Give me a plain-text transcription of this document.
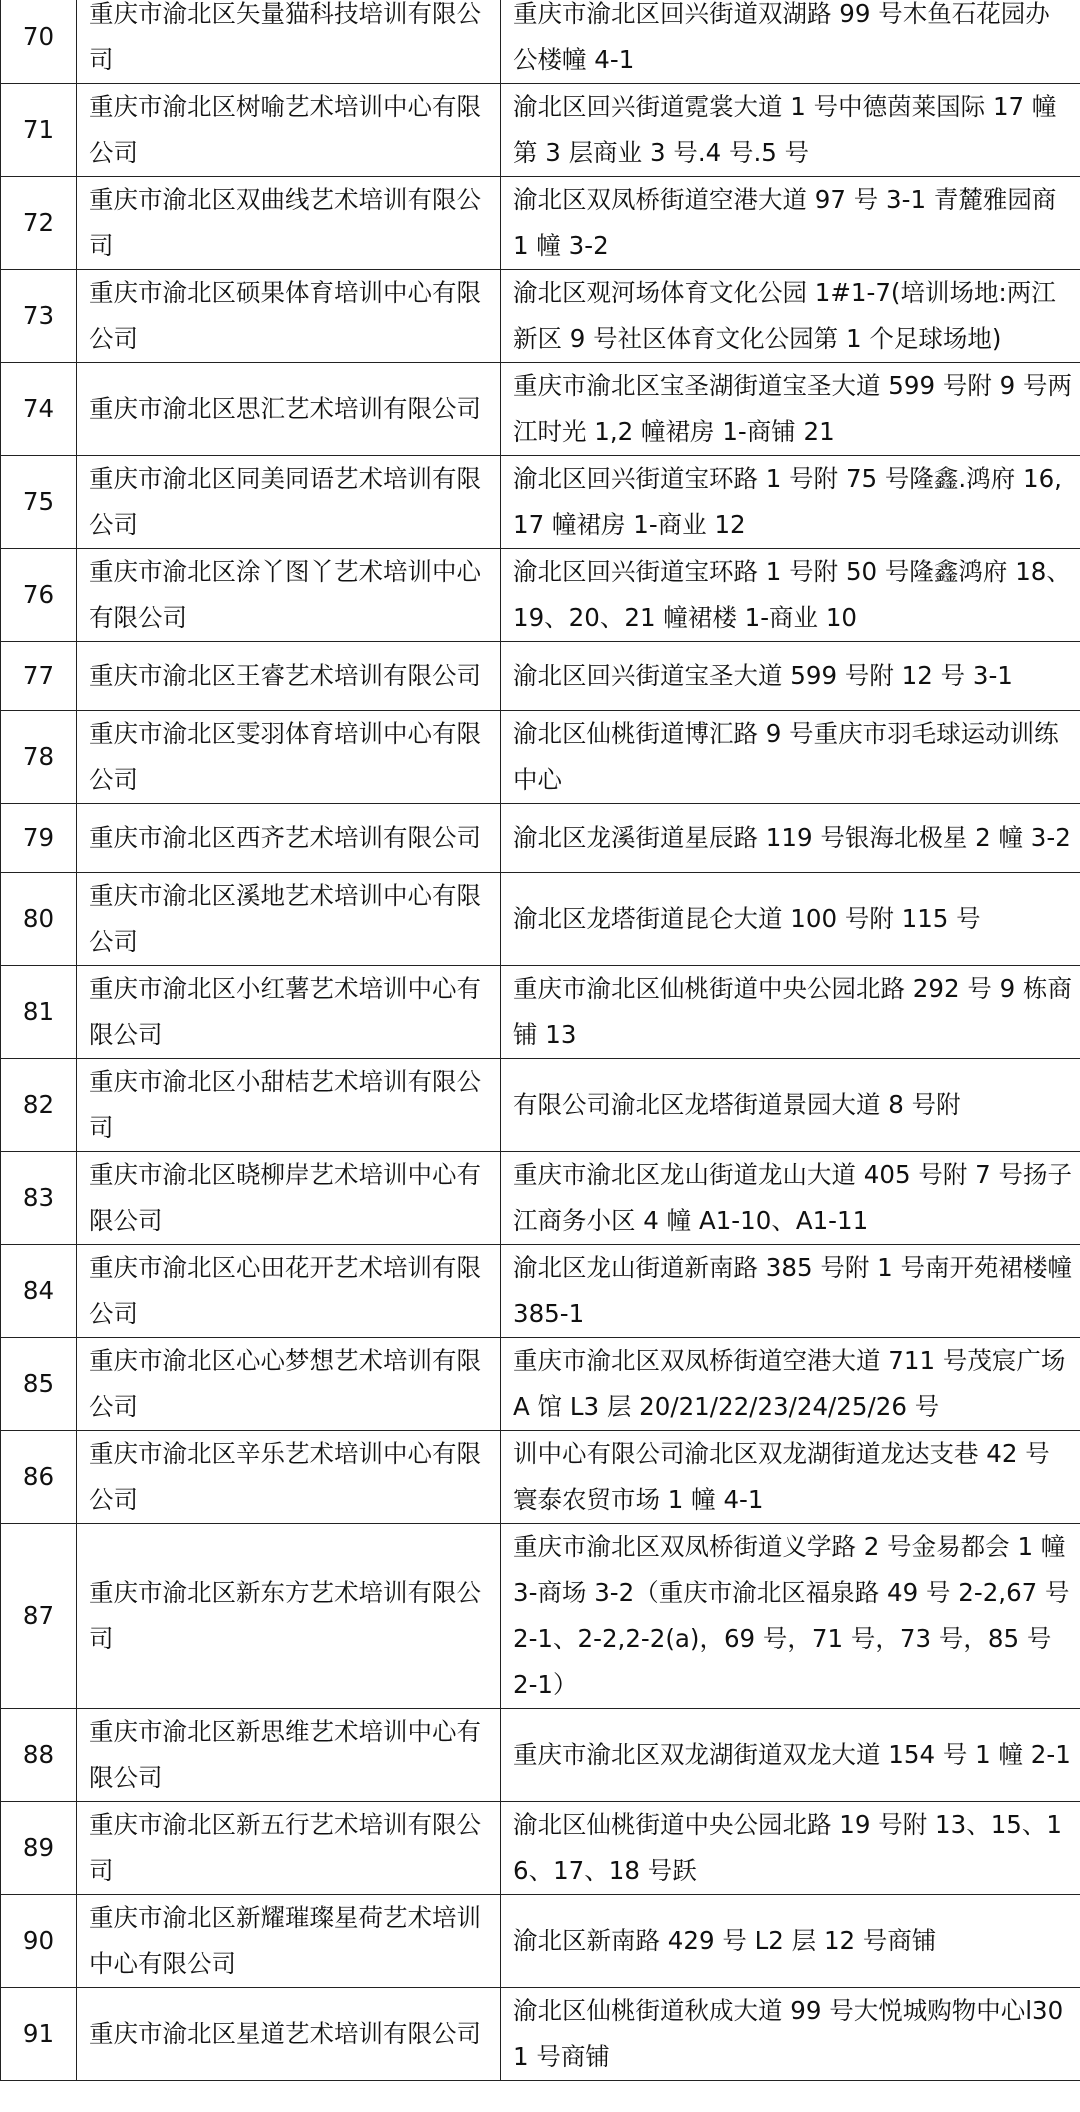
70	重庆市渝北区矢量猫科技培训有限公司	重庆市渝北区回兴街道双湖路 99 号木鱼石花园办公楼幢 4-1

71	重庆市渝北区树喻艺术培训中心有限公司	渝北区回兴街道霓裳大道 1 号中德茵莱国际 17 幢第 3 层商业 3 号.4 号.5 号

72	重庆市渝北区双曲线艺术培训有限公司	渝北区双凤桥街道空港大道 97 号 3-1 青麓雅园商 1 幢 3-2

73	重庆市渝北区硕果体育培训中心有限公司	渝北区观河场体育文化公园 1#1-7(培训场地:两江新区 9 号社区体育文化公园第 1 个足球场地)

74	重庆市渝北区思汇艺术培训有限公司	重庆市渝北区宝圣湖街道宝圣大道 599 号附 9 号两江时光 1,2 幢裙房 1-商铺 21

75	重庆市渝北区同美同语艺术培训有限公司	渝北区回兴街道宝环路 1 号附 75 号隆鑫.鸿府 16,17 幢裙房 1-商业 12

76	重庆市渝北区涂丫图丫艺术培训中心有限公司	渝北区回兴街道宝环路 1 号附 50 号隆鑫鸿府 18、19、20、21 幢裙楼 1-商业 10

77	重庆市渝北区王睿艺术培训有限公司	渝北区回兴街道宝圣大道 599 号附 12 号 3-1

78	重庆市渝北区雯羽体育培训中心有限公司	渝北区仙桃街道博汇路 9 号重庆市羽毛球运动训练中心

79	重庆市渝北区西齐艺术培训有限公司	渝北区龙溪街道星辰路 119 号银海北极星 2 幢 3-2

80	重庆市渝北区溪地艺术培训中心有限公司	渝北区龙塔街道昆仑大道 100 号附 115 号

81	重庆市渝北区小红薯艺术培训中心有限公司	重庆市渝北区仙桃街道中央公园北路 292 号 9 栋商铺 13

82	重庆市渝北区小甜桔艺术培训有限公司	有限公司渝北区龙塔街道景园大道 8 号附

83	重庆市渝北区晓柳岸艺术培训中心有限公司	重庆市渝北区龙山街道龙山大道 405 号附 7 号扬子江商务小区 4 幢 A1-10、A1-11

84	重庆市渝北区心田花开艺术培训有限公司	渝北区龙山街道新南路 385 号附 1 号南开苑裙楼幢 385-1

85	重庆市渝北区心心梦想艺术培训有限公司	重庆市渝北区双凤桥街道空港大道 711 号茂宸广场 A 馆 L3 层 20/21/22/23/24/25/26 号

86	重庆市渝北区辛乐艺术培训中心有限公司	训中心有限公司渝北区双龙湖街道龙达支巷 42 号寰泰农贸市场 1 幢 4-1

87	重庆市渝北区新东方艺术培训有限公司	重庆市渝北区双凤桥街道义学路 2 号金易都会 1 幢 3-商场 3-2（重庆市渝北区福泉路 49 号 2-2,67 号 2-1、2-2,2-2(a)，69 号，71 号，73 号，85 号 2-1）

88	重庆市渝北区新思维艺术培训中心有限公司	重庆市渝北区双龙湖街道双龙大道 154 号 1 幢 2-1

89	重庆市渝北区新五行艺术培训有限公司	渝北区仙桃街道中央公园北路 19 号附 13、15、16、17、18 号跃

90	重庆市渝北区新耀璀璨星荷艺术培训中心有限公司	渝北区新南路 429 号 L2 层 12 号商铺

91	重庆市渝北区星道艺术培训有限公司	渝北区仙桃街道秋成大道 99 号大悦城购物中心l301 号商铺
